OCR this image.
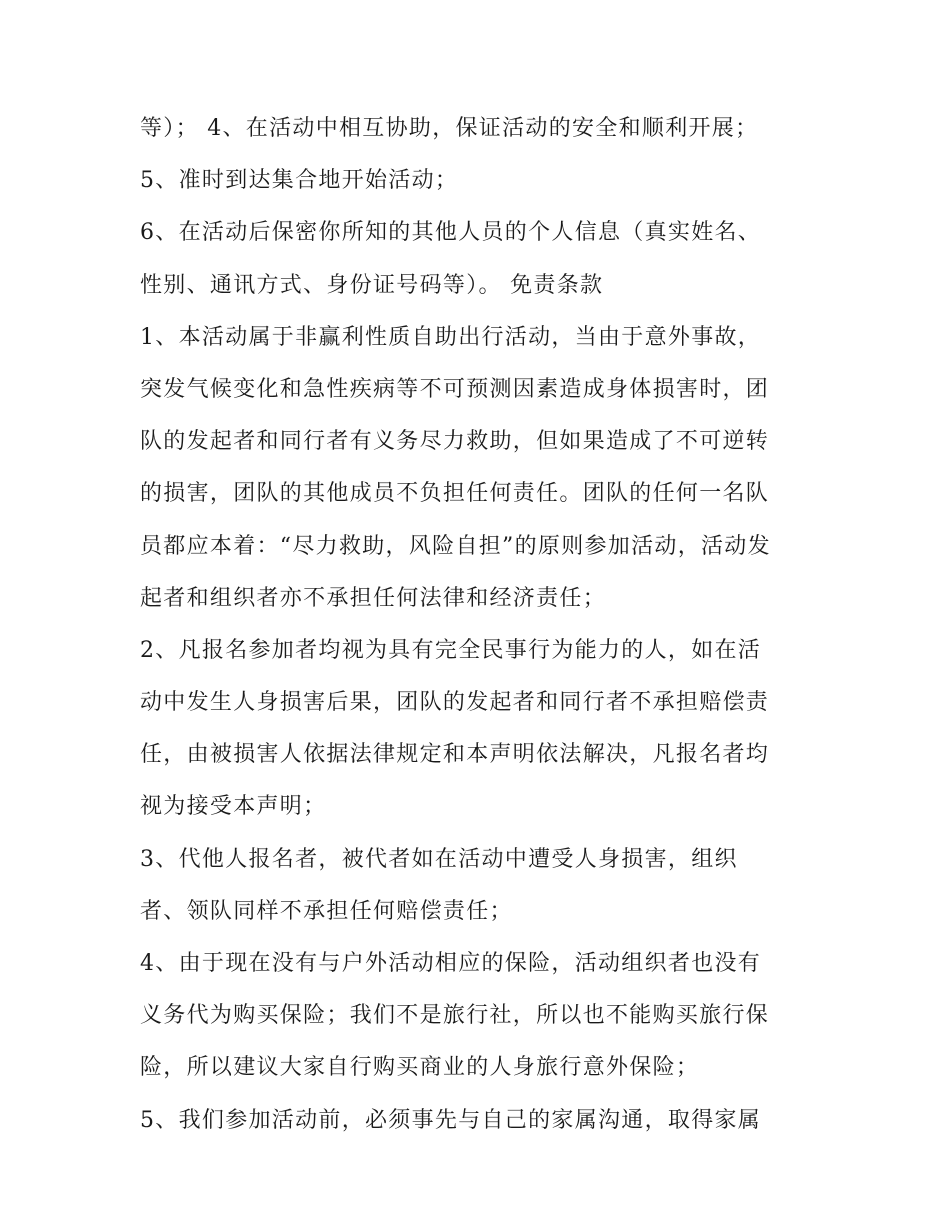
等）； 4、在活动中相互协助，保证活动的安全和顺利开展；
5、准时到达集合地开始活动；
6、在活动后保密你所知的其他人员的个人信息（真实姓名、
性别、通讯方式、身份证号码等）。 免责条款
1、本活动属于非赢利性质自助出行活动，当由于意外事故，
突发气候变化和急性疾病等不可预测因素造成身体损害时，团
队的发起者和同行者有义务尽力救助，但如果造成了不可逆转
的损害，团队的其他成员不负担任何责任。团队的任何一名队
员都应本着：“尽力救助，风险自担”的原则参加活动，活动发
起者和组织者亦不承担任何法律和经济责任；
2、凡报名参加者均视为具有完全民事行为能力的人，如在活
动中发生人身损害后果，团队的发起者和同行者不承担赔偿责
任，由被损害人依据法律规定和本声明依法解决，凡报名者均
视为接受本声明；
3、代他人报名者，被代者如在活动中遭受人身损害，组织
者、领队同样不承担任何赔偿责任；
4、由于现在没有与户外活动相应的保险，活动组织者也没有
义务代为购买保险；我们不是旅行社，所以也不能购买旅行保
险，所以建议大家自行购买商业的人身旅行意外保险；
5、我们参加活动前，必须事先与自己的家属沟通，取得家属
